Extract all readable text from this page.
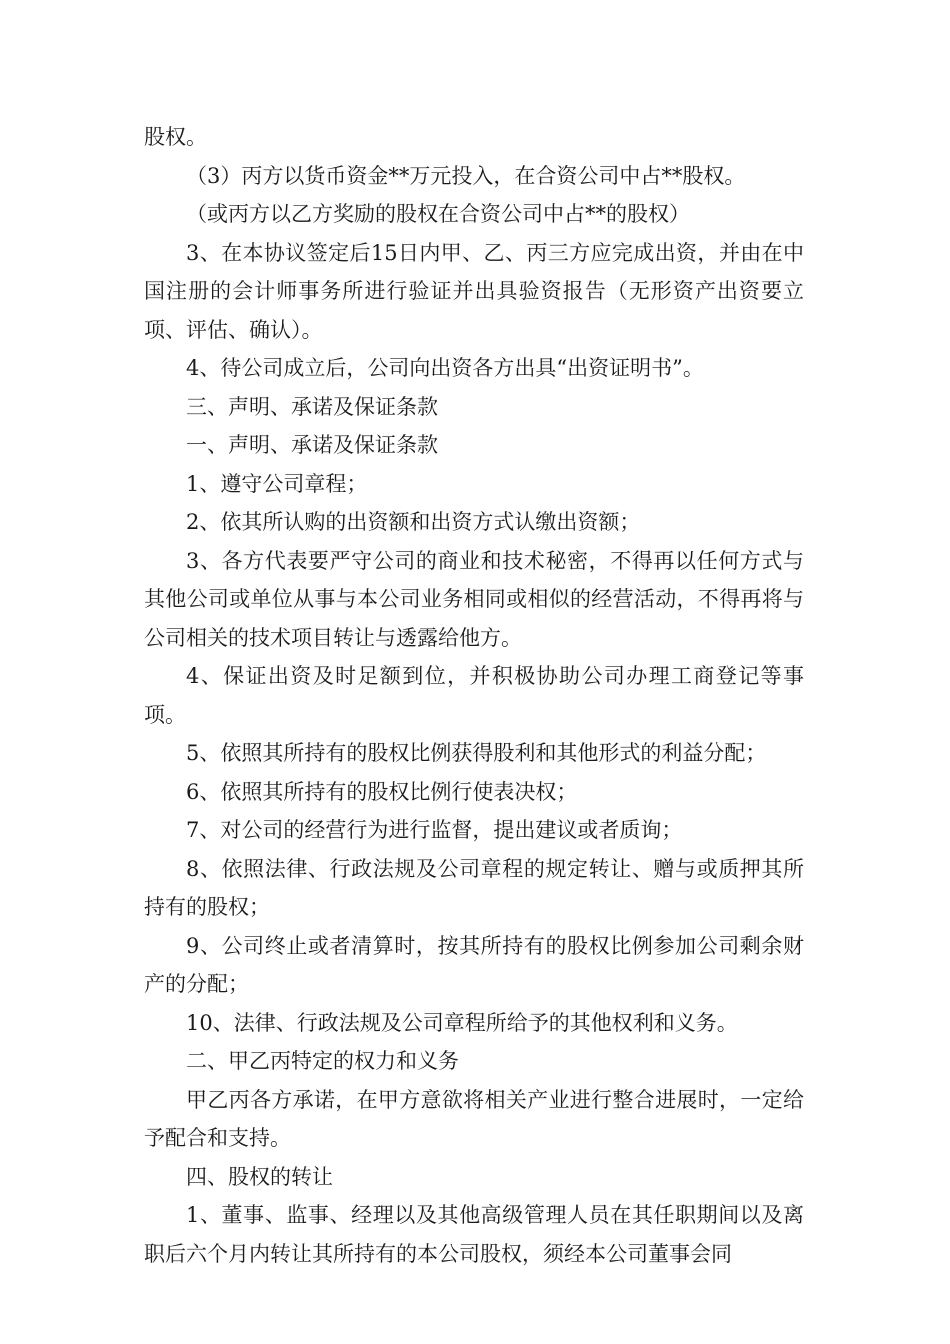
股权。

（3）丙方以货币资金**万元投入，在合资公司中占**股权。

（或丙方以乙方奖励的股权在合资公司中占**的股权）

3、在本协议签定后15日内甲、乙、丙三方应完成出资，并由在中国注册的会计师事务所进行验证并出具验资报告（无形资产出资要立项、评估、确认）。

4、待公司成立后，公司向出资各方出具“出资证明书”。

三、声明、承诺及保证条款

一、声明、承诺及保证条款

1、遵守公司章程；

2、依其所认购的出资额和出资方式认缴出资额；

3、各方代表要严守公司的商业和技术秘密，不得再以任何方式与其他公司或单位从事与本公司业务相同或相似的经营活动，不得再将与公司相关的技术项目转让与透露给他方。

4、保证出资及时足额到位，并积极协助公司办理工商登记等事项。

5、依照其所持有的股权比例获得股利和其他形式的利益分配；

6、依照其所持有的股权比例行使表决权；

7、对公司的经营行为进行监督，提出建议或者质询；

8、依照法律、行政法规及公司章程的规定转让、赠与或质押其所持有的股权；

9、公司终止或者清算时，按其所持有的股权比例参加公司剩余财产的分配；

10、法律、行政法规及公司章程所给予的其他权利和义务。

二、甲乙丙特定的权力和义务

甲乙丙各方承诺，在甲方意欲将相关产业进行整合进展时，一定给予配合和支持。

四、股权的转让

1、董事、监事、经理以及其他高级管理人员在其任职期间以及离职后六个月内转让其所持有的本公司股权，须经本公司董事会同
